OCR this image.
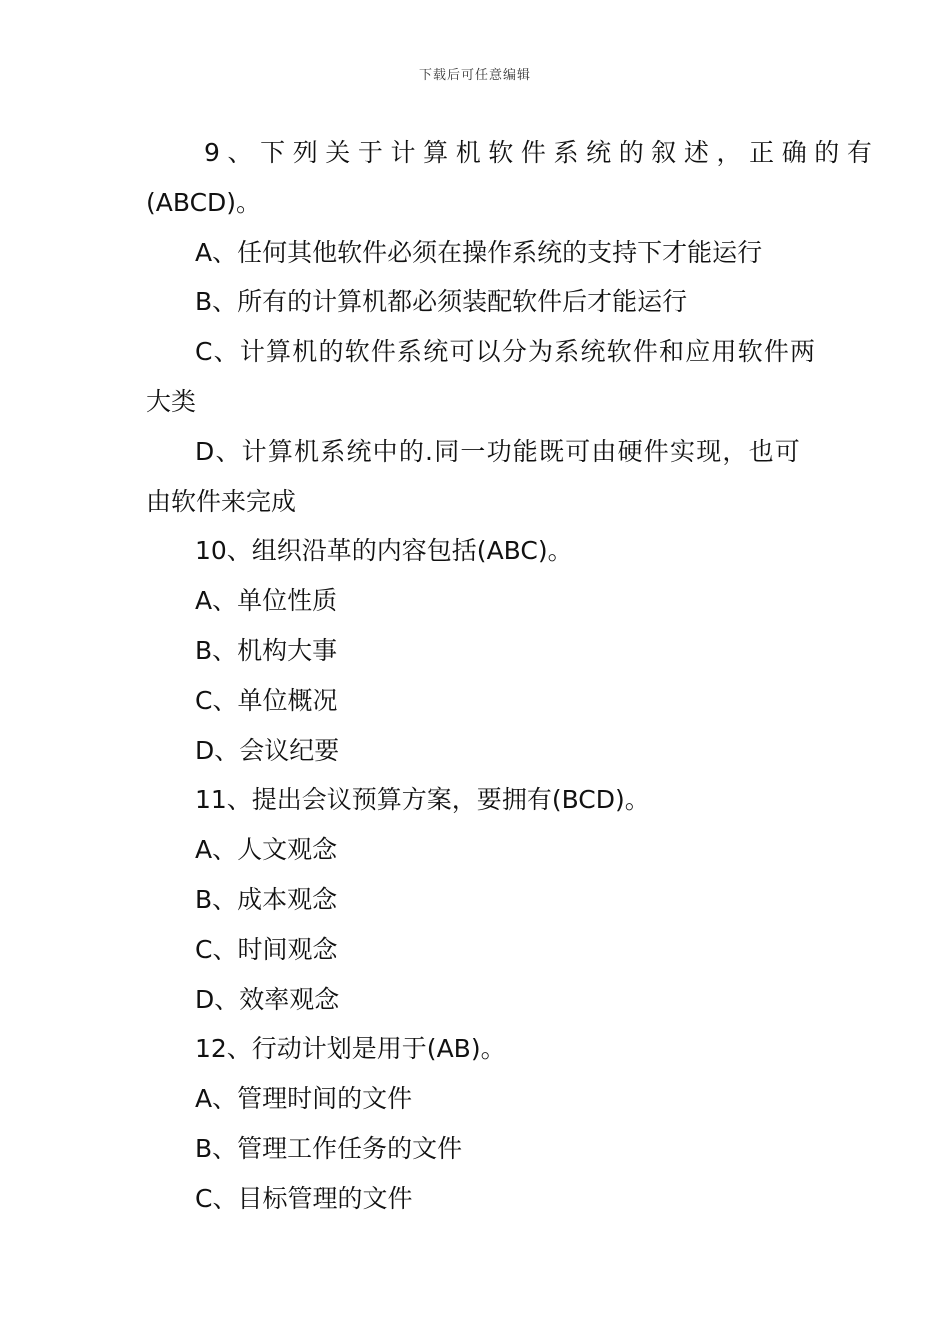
下载后可任意编辑
9、下列关于计算机软件系统的叙述，正确的有
(ABCD)。
A、任何其他软件必须在操作系统的支持下才能运行
B、所有的计算机都必须装配软件后才能运行
C、计算机的软件系统可以分为系统软件和应用软件两
大类
D、计算机系统中的.同一功能既可由硬件实现，也可
由软件来完成
10、组织沿革的内容包括(ABC)。
A、单位性质
B、机构大事
C、单位概况
D、会议纪要
11、提出会议预算方案，要拥有(BCD)。
A、人文观念
B、成本观念
C、时间观念
D、效率观念
12、行动计划是用于(AB)。
A、管理时间的文件
B、管理工作任务的文件
C、目标管理的文件
